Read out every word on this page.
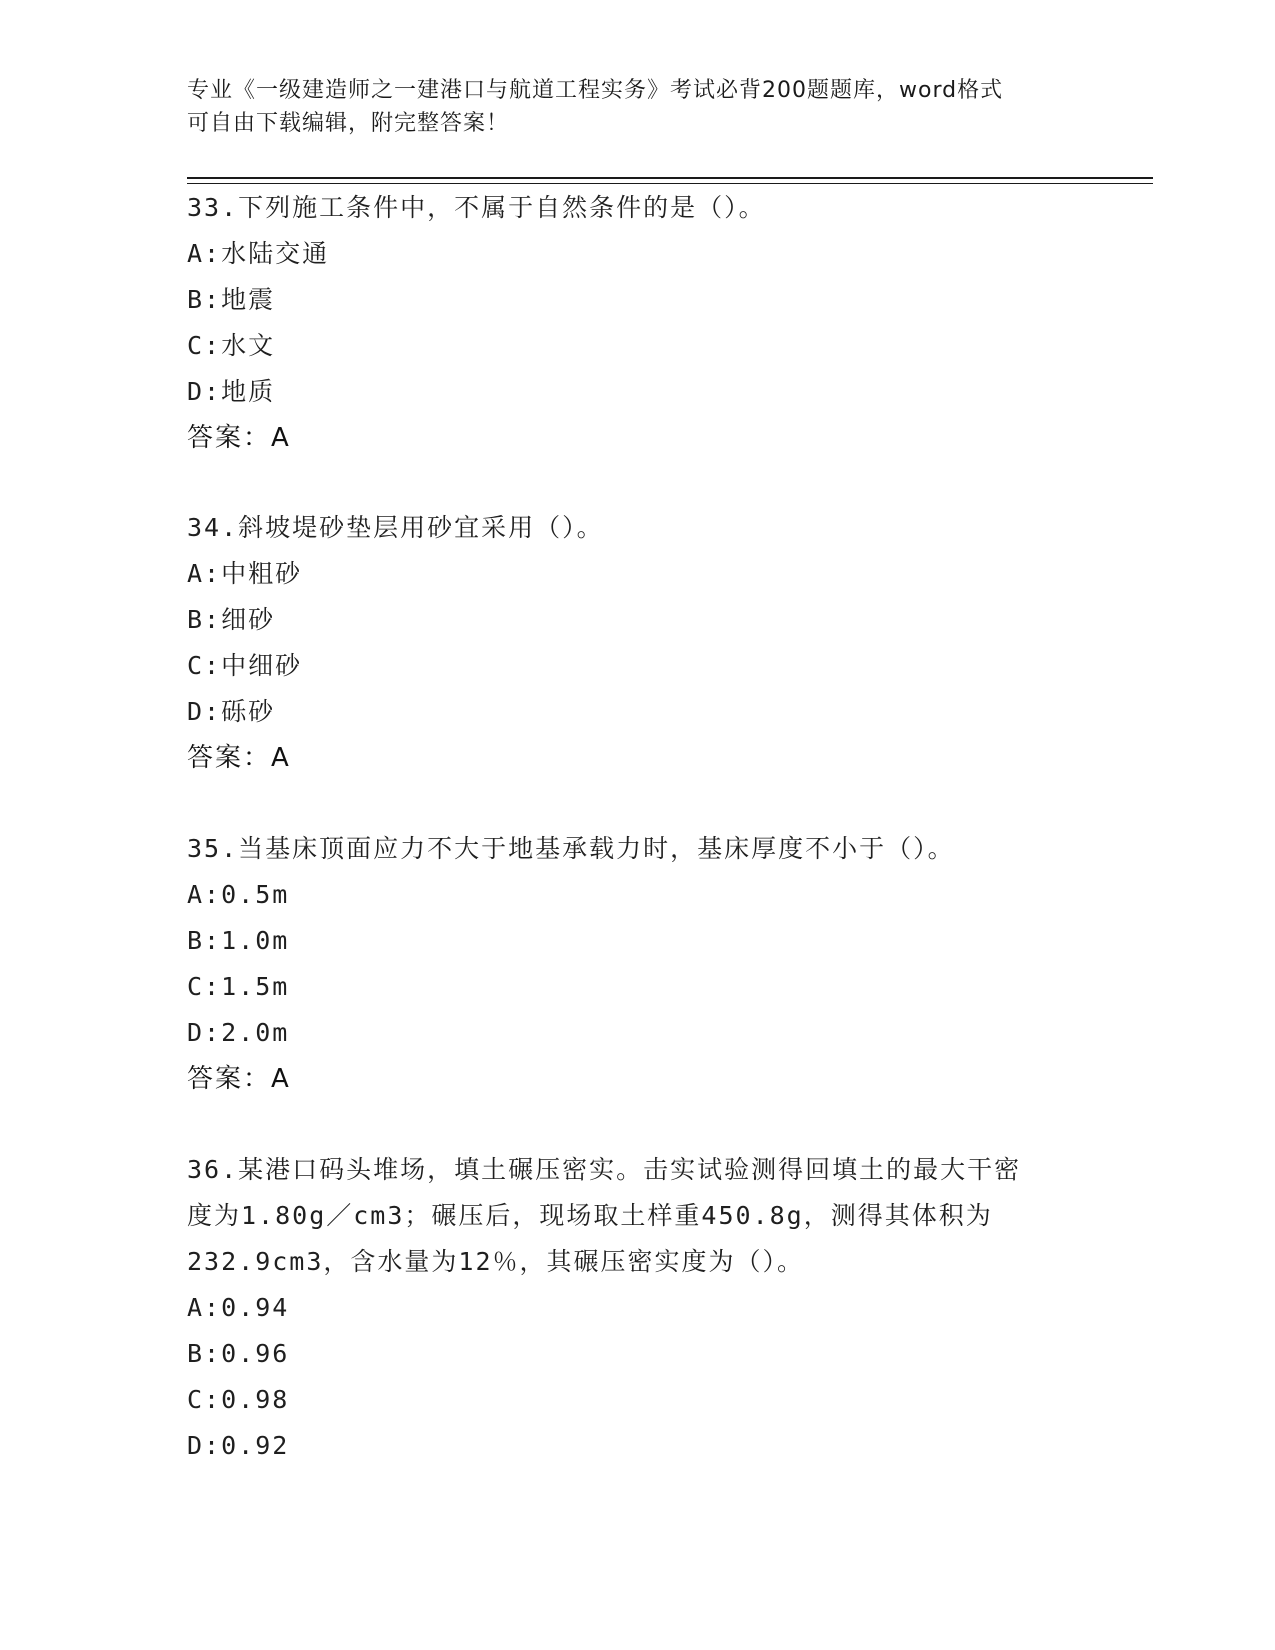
专业《一级建造师之一建港口与航道工程实务》考试必背200题题库，word格式
可自由下载编辑，附完整答案！
33.下列施工条件中，不属于自然条件的是（）。
A:水陆交通
B:地震
C:水文
D:地质
答案：A
34.斜坡堤砂垫层用砂宜采用（）。
A:中粗砂
B:细砂
C:中细砂
D:砾砂
答案：A
35.当基床顶面应力不大于地基承载力时，基床厚度不小于（）。
A:0.5m
B:1.0m
C:1.5m
D:2.0m
答案：A
36.某港口码头堆场，填土碾压密实。击实试验测得回填土的最大干密
度为1.80g／cm3；碾压后，现场取土样重450.8g，测得其体积为
232.9cm3，含水量为12％，其碾压密实度为（）。
A:0.94
B:0.96
C:0.98
D:0.92
